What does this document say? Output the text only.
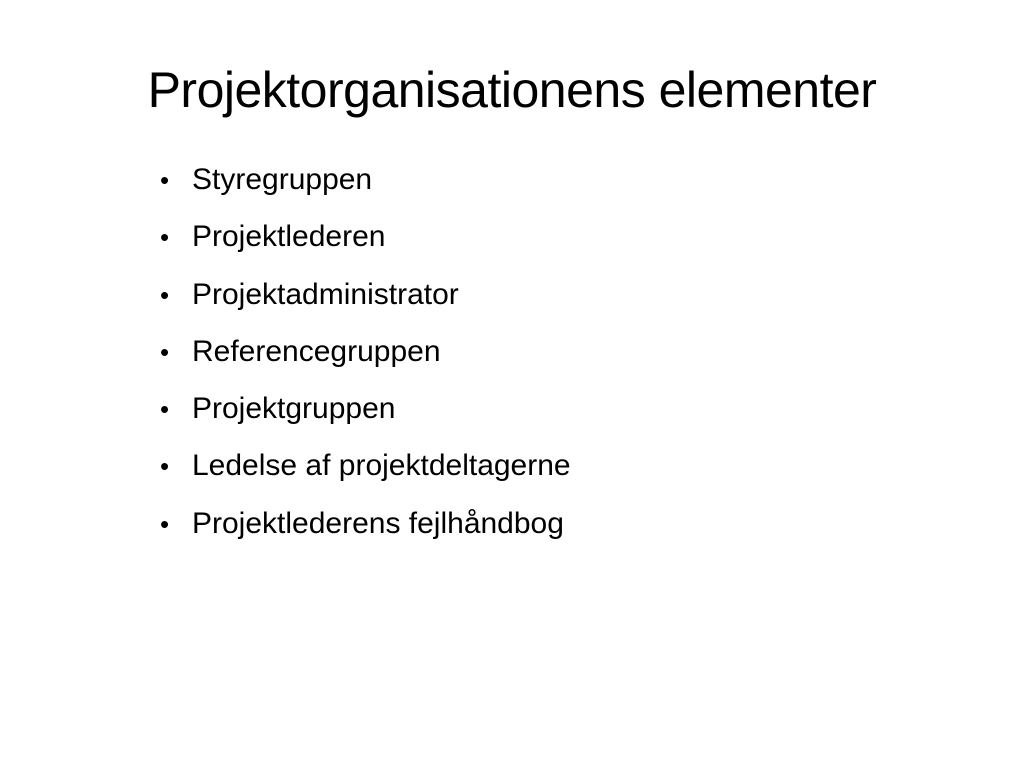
Projektorganisationens elementer
• Styregruppen
• Projektlederen
• Projektadministrator
• Referencegruppen
• Projektgruppen
• Ledelse af projektdeltagerne
• Projektlederens fejlhåndbog
